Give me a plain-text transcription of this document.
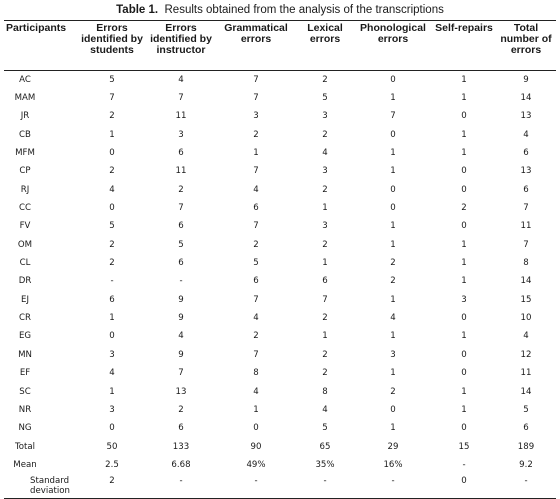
Table 1. Results obtained from the analysis of the transcriptions
Participants	Errors identified by students	Errors identified by instructor	Grammatical errors	Lexical errors	Phonological errors	Self-repairs	Total number of errors
AC	5	4	7	2	0	1	9
MAM	7	7	7	5	1	1	14
JR	2	11	3	3	7	0	13
CB	1	3	2	2	0	1	4
MFM	0	6	1	4	1	1	6
CP	2	11	7	3	1	0	13
RJ	4	2	4	2	0	0	6
CC	0	7	6	1	0	2	7
FV	5	6	7	3	1	0	11
OM	2	5	2	2	1	1	7
CL	2	6	5	1	2	1	8
DR	-	-	6	6	2	1	14
EJ	6	9	7	7	1	3	15
CR	1	9	4	2	4	0	10
EG	0	4	2	1	1	1	4
MN	3	9	7	2	3	0	12
EF	4	7	8	2	1	0	11
SC	1	13	4	8	2	1	14
NR	3	2	1	4	0	1	5
NG	0	6	0	5	1	0	6
Total	50	133	90	65	29	15	189
Mean	2.5	6.68	49%	35%	16%	-	9.2
Standard deviation	2	-	-	-	-	0	-
